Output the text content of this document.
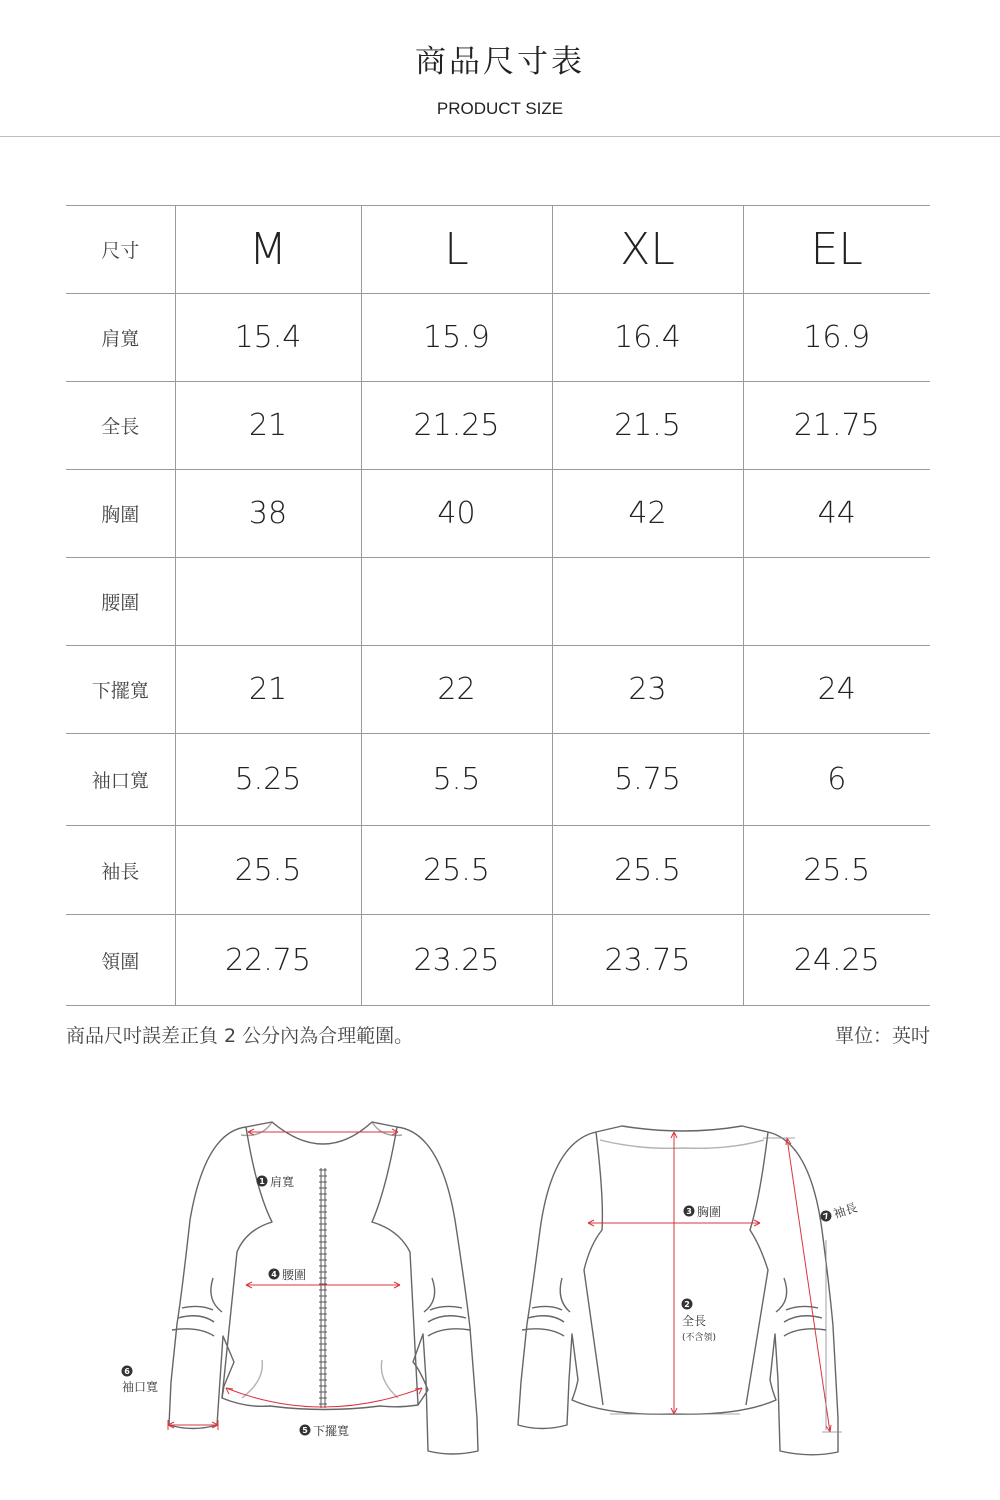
商品尺寸表
PRODUCT SIZE
尺寸	M	L	XL	EL
肩寬	15.4	15.9	16.4	16.9
全長	21	21.25	21.5	21.75
胸圍	38	40	42	44
腰圍				
下擺寬	21	22	23	24
袖口寬	5.25	5.5	5.75	6
袖長	25.5	25.5	25.5	25.5
領圍	22.75	23.25	23.75	24.25
商品尺吋誤差正負 2 公分內為合理範圍。	單位：英吋
1 肩寬
4 腰圍
5 下擺寬
6
袖口寬
3 胸圍
2
全長
(不含領)
7 袖長
